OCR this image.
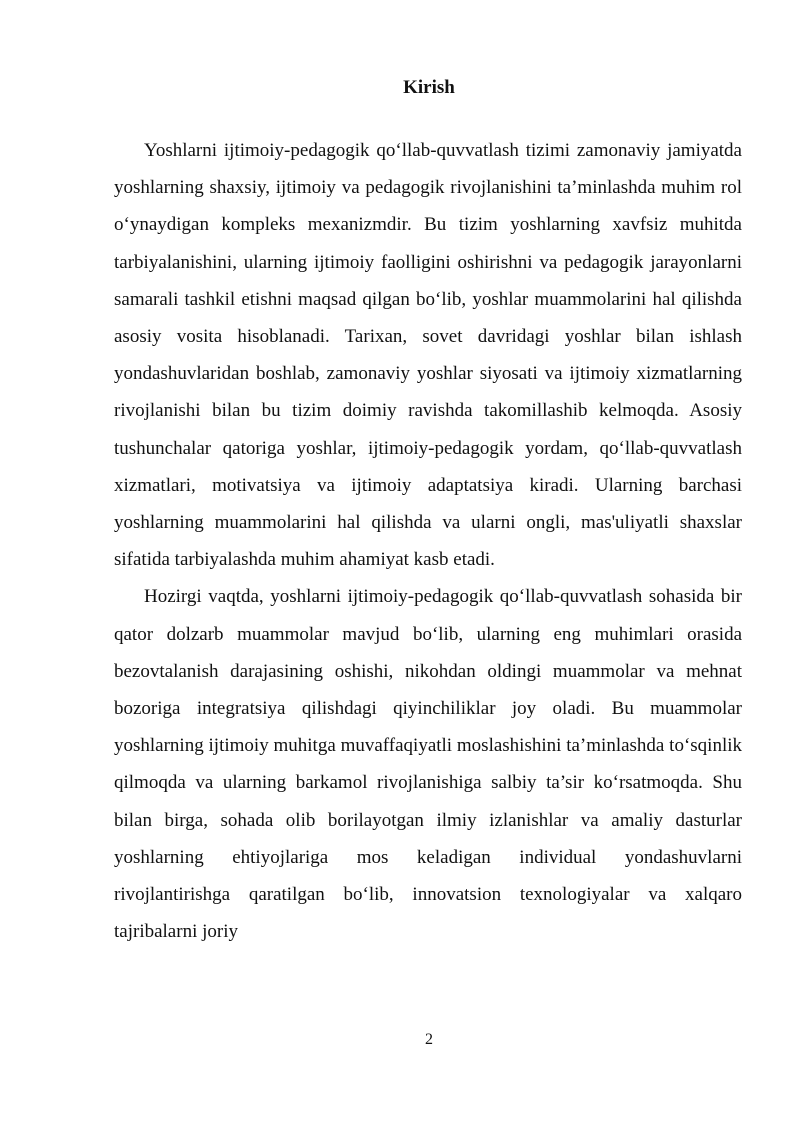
Kirish

Yoshlarni ijtimoiy-pedagogik qo‘llab-quvvatlash tizimi zamonaviy jamiyatda yoshlarning shaxsiy, ijtimoiy va pedagogik rivojlanishini ta’minlashda muhim rol o‘ynaydigan kompleks mexanizmdir. Bu tizim yoshlarning xavfsiz muhitda tarbiyalanishini, ularning ijtimoiy faolligini oshirishni va pedagogik jarayonlarni samarali tashkil etishni maqsad qilgan bo‘lib, yoshlar muammolarini hal qilishda asosiy vosita hisoblanadi. Tarixan, sovet davridagi yoshlar bilan ishlash yondashuvlaridan boshlab, zamonaviy yoshlar siyosati va ijtimoiy xizmatlarning rivojlanishi bilan bu tizim doimiy ravishda takomillashib kelmoqda. Asosiy tushunchalar qatoriga yoshlar, ijtimoiy-pedagogik yordam, qo‘llab-quvvatlash xizmatlari, motivatsiya va ijtimoiy adaptatsiya kiradi. Ularning barchasi yoshlarning muammolarini hal qilishda va ularni ongli, mas'uliyatli shaxslar sifatida tarbiyalashda muhim ahamiyat kasb etadi.

Hozirgi vaqtda, yoshlarni ijtimoiy-pedagogik qo‘llab-quvvatlash sohasida bir qator dolzarb muammolar mavjud bo‘lib, ularning eng muhimlari orasida bezovtalanish darajasining oshishi, nikohdan oldingi muammolar va mehnat bozoriga integratsiya qilishdagi qiyinchiliklar joy oladi. Bu muammolar yoshlarning ijtimoiy muhitga muvaffaqiyatli moslashishini ta’minlashda to‘sqinlik qilmoqda va ularning barkamol rivojlanishiga salbiy ta’sir ko‘rsatmoqda. Shu bilan birga, sohada olib borilayotgan ilmiy izlanishlar va amaliy dasturlar yoshlarning ehtiyojlariga mos keladigan individual yondashuvlarni rivojlantirishga qaratilgan bo‘lib, innovatsion texnologiyalar va xalqaro tajribalarni joriy

2
